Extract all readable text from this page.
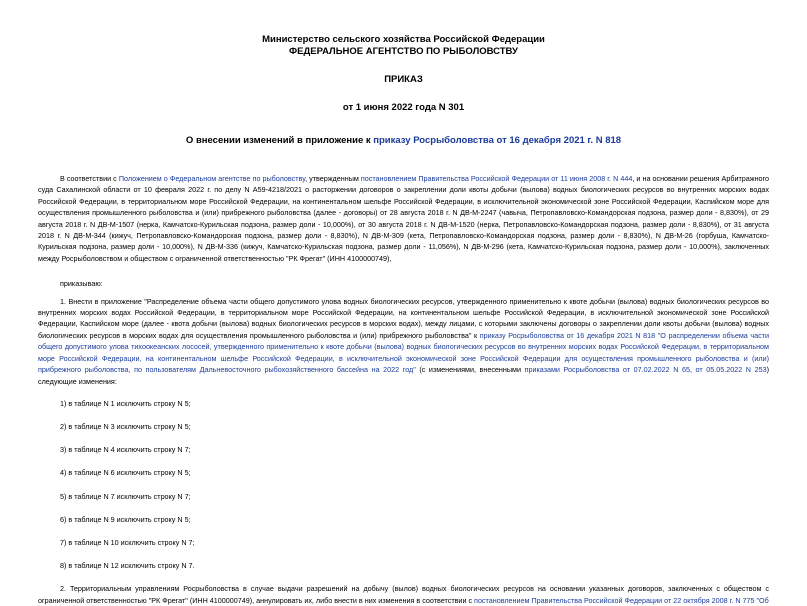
Министерство сельского хозяйства Российской Федерации
ФЕДЕРАЛЬНОЕ АГЕНТСТВО ПО РЫБОЛОВСТВУ
ПРИКАЗ
от 1 июня 2022 года N 301
О внесении изменений в приложение к приказу Росрыболовства от 16 декабря 2021 г. N 818
В соответствии с Положением о Федеральном агентстве по рыболовству, утвержденным постановлением Правительства Российской Федерации от 11 июня 2008 г. N 444, и на основании решения Арбитражного суда Сахалинской области от 10 февраля 2022 г. по делу N А59-4218/2021 о расторжении договоров о закреплении доли квоты добычи (вылова) водных биологических ресурсов во внутренних морских водах Российской Федерации, в территориальном море Российской Федерации, на континентальном шельфе Российской Федерации, в исключительной экономической зоне Российской Федерации, Каспийском море для осуществления промышленного рыболовства и (или) прибрежного рыболовства (далее - договоры) от 28 августа 2018 г. N ДВ-М-2247 (чавыча, Петропавловско-Командорская подзона, размер доли - 8,830%), от 29 августа 2018 г. N ДВ-М-1507 (нерка, Камчатско-Курильская подзона, размер доли - 10,000%), от 30 августа 2018 г. N ДВ-М-1520 (нерка, Петропавловско-Командорская подзона, размер доли - 8,830%), от 31 августа 2018 г. N ДВ-М-344 (кижуч, Петропавловско-Командорская подзона, размер доли - 8,830%), N ДВ-М-309 (кета, Петропавловско-Командорская подзона, размер доли - 8,830%), N ДВ-М-26 (горбуша, Камчатско-Курильская подзона, размер доли - 10,000%), N ДВ-М-336 (кижуч, Камчатско-Курильская подзона, размер доли - 11,056%), N ДВ-М-296 (кета, Камчатско-Курильская подзона, размер доли - 10,000%), заключенных между Росрыболовством и обществом с ограниченной ответственностью "РК Фрегат" (ИНН 4100000749),
приказываю:
1. Внести в приложение "Распределение объема части общего допустимого улова водных биологических ресурсов, утвержденного применительно к квоте добычи (вылова) водных биологических ресурсов во внутренних морских водах Российской Федерации, в территориальном море Российской Федерации, на континентальном шельфе Российской Федерации, в исключительной экономической зоне Российской Федерации, Каспийском море (далее - квота добычи (вылова) водных биологических ресурсов в морских водах), между лицами, с которыми заключены договоры о закреплении доли квоты добычи (вылова) водных биологических ресурсов в морских водах для осуществления промышленного рыболовства и (или) прибрежного рыболовства" к приказу Росрыболовства от 16 декабря 2021 N 818 "О распределении объема части общего допустимого улова тихоокеанских лососей, утвержденного применительно к квоте добычи (вылова) водных биологических ресурсов во внутренних морских водах Российской Федерации, в территориальном море Российской Федерации, на континентальном шельфе Российской Федерации, в исключительной экономической зоне Российской Федерации для осуществления промышленного рыболовства и (или) прибрежного рыболовства, по пользователям Дальневосточного рыбохозяйственного бассейна на 2022 год" (с изменениями, внесенными приказами Росрыболовства от 07.02.2022 N 65, от 05.05.2022 N 253) следующие изменения:
1) в таблице N 1 исключить строку N 5;
2) в таблице N 3 исключить строку N 5;
3) в таблице N 4 исключить строку N 7;
4) в таблице N 6 исключить строку N 5;
5) в таблице N 7 исключить строку N 7;
6) в таблице N 9 исключить строку N 5;
7) в таблице N 10 исключить строку N 7;
8) в таблице N 12 исключить строку N 7.
2. Территориальным управлениям Росрыболовства в случае выдачи разрешений на добычу (вылов) водных биологических ресурсов на основании указанных договоров, заключенных с обществом с ограниченной ответственностью "РК Фрегат" (ИНН 4100000749), аннулировать их, либо внести в них изменения в соответствии с постановлением Правительства Российской Федерации от 22 октября 2008 г. N 775 "Об
